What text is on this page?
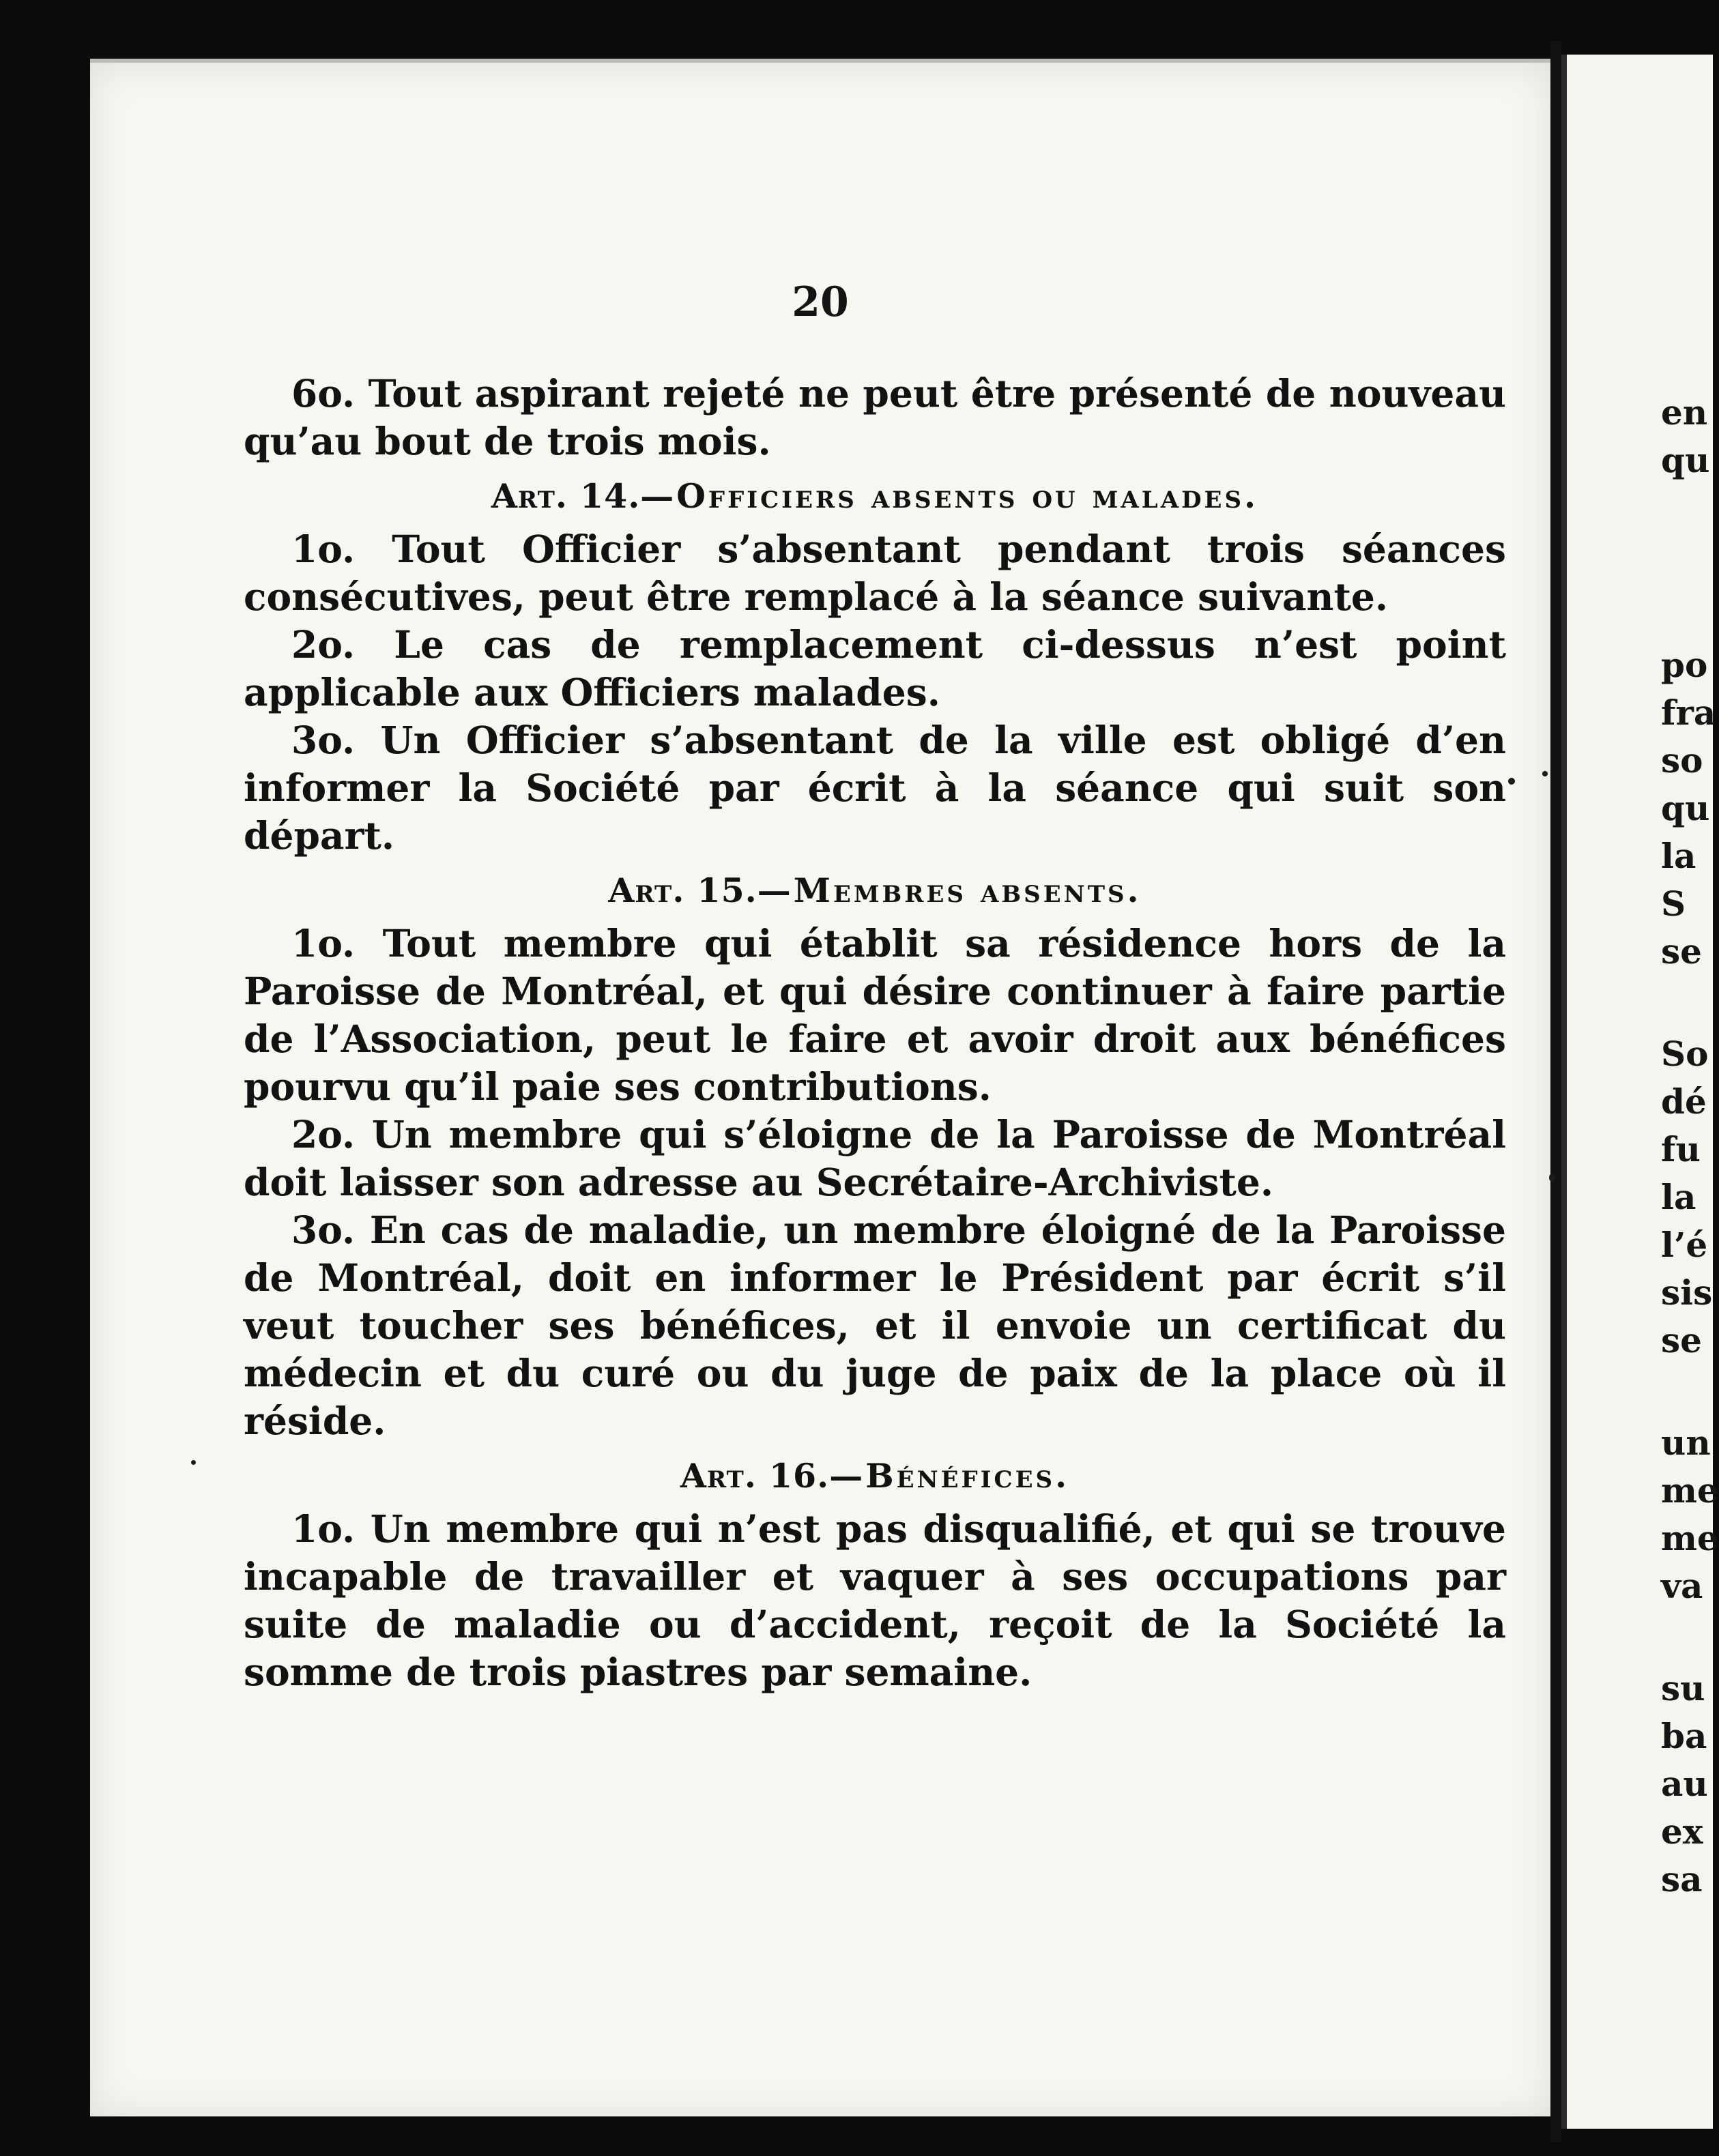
20

6o. Tout aspirant rejeté ne peut être présenté de nouveau qu’au bout de trois mois.

Art. 14.—Officiers absents ou malades.

1o. Tout Officier s’absentant pendant trois séances consécutives, peut être remplacé à la séance suivante.

2o. Le cas de remplacement ci-dessus n’est point applicable aux Officiers malades.

3o. Un Officier s’absentant de la ville est obligé d’en informer la Société par écrit à la séance qui suit son départ.

Art. 15.—Membres absents.

1o. Tout membre qui établit sa résidence hors de la Paroisse de Montréal, et qui désire continuer à faire partie de l’Association, peut le faire et avoir droit aux bénéfices pourvu qu’il paie ses contributions.

2o. Un membre qui s’éloigne de la Paroisse de Montréal doit laisser son adresse au Secrétaire-Archiviste.

3o. En cas de maladie, un membre éloigné de la Paroisse de Montréal, doit en informer le Président par écrit s’il veut toucher ses bénéfices, et il envoie un certificat du médecin et du curé ou du juge de paix de la place où il réside.

Art. 16.—Bénéfices.

1o. Un membre qui n’est pas disqualifié, et qui se trouve incapable de travailler et vaquer à ses occupations par suite de maladie ou d’accident, reçoit de la Société la somme de trois piastres par semaine.

en
qu
po
fra
so
qu
la
S
se
So
dé
fu
la
l’é
sis
se
un
me
me
va
su
ba
au
ex
sa
